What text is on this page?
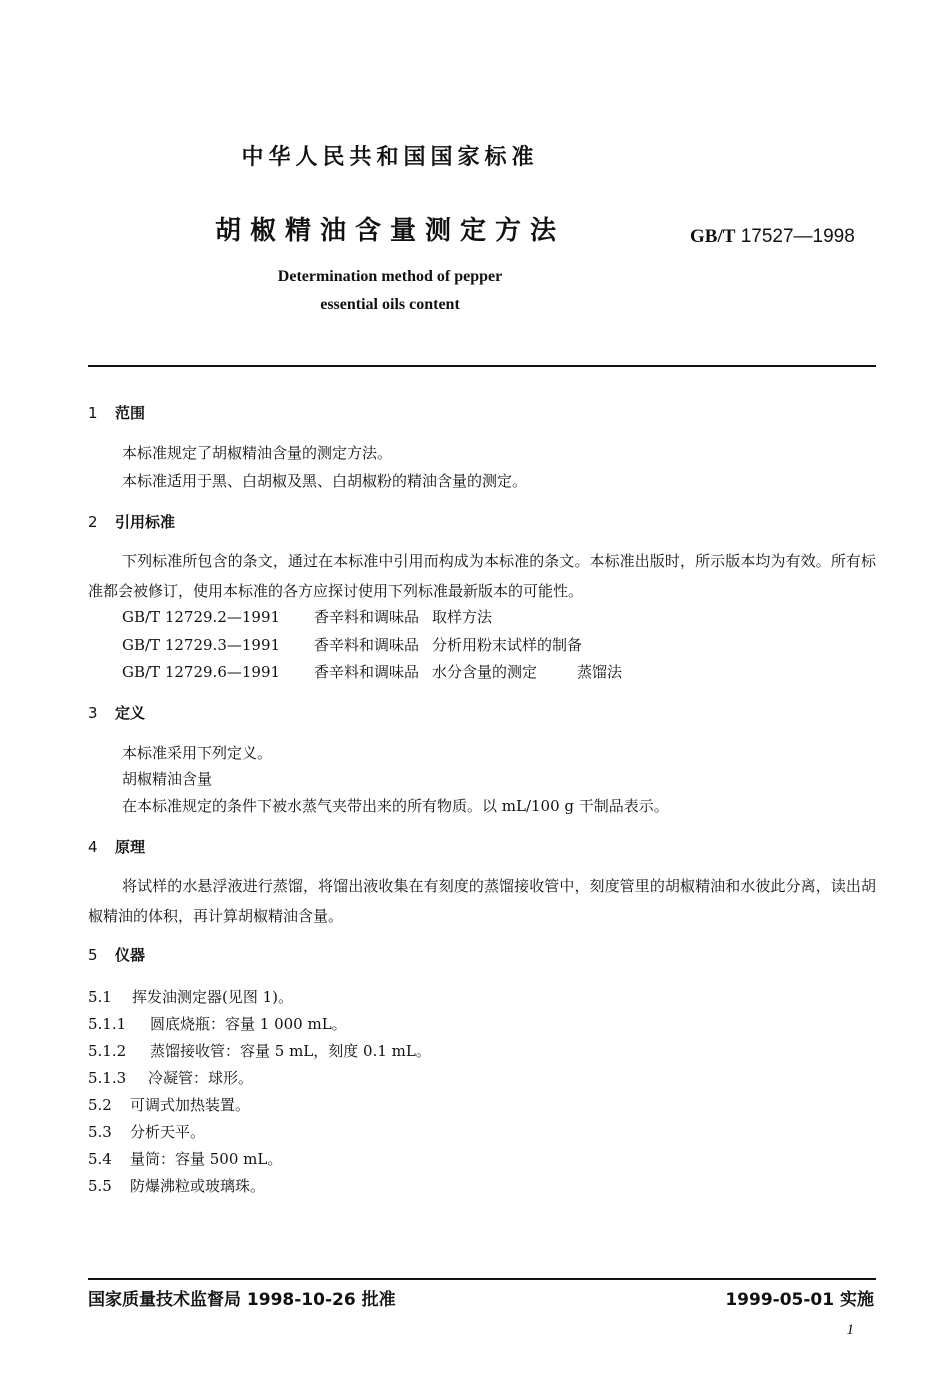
中华人民共和国国家标准
胡椒精油含量测定方法	GB/T 17527—1998
Determination method of pepper
essential oils content
1 范围
本标准规定了胡椒精油含量的测定方法。
本标准适用于黑、白胡椒及黑、白胡椒粉的精油含量的测定。
2 引用标准
下列标准所包含的条文，通过在本标准中引用而构成为本标准的条文。本标准出版时，所示版本均为有效。所有标准都会被修订，使用本标准的各方应探讨使用下列标准最新版本的可能性。
GB/T 12729.2—1991 香辛料和调味品 取样方法
GB/T 12729.3—1991 香辛料和调味品 分析用粉末试样的制备
GB/T 12729.6—1991 香辛料和调味品 水分含量的测定	蒸馏法
3 定义
本标准采用下列定义。
胡椒精油含量
在本标准规定的条件下被水蒸气夹带出来的所有物质。以 mL/100 g 干制品表示。
4 原理
将试样的水悬浮液进行蒸馏，将馏出液收集在有刻度的蒸馏接收管中，刻度管里的胡椒精油和水彼此分离，读出胡椒精油的体积，再计算胡椒精油含量。
5 仪器
5.1 挥发油测定器(见图 1)。
5.1.1 圆底烧瓶：容量 1 000 mL。
5.1.2 蒸馏接收管：容量 5 mL，刻度 0.1 mL。
5.1.3 冷凝管：球形。
5.2 可调式加热装置。
5.3 分析天平。
5.4 量筒：容量 500 mL。
5.5 防爆沸粒或玻璃珠。
国家质量技术监督局 1998-10-26 批准	1999-05-01 实施
1
